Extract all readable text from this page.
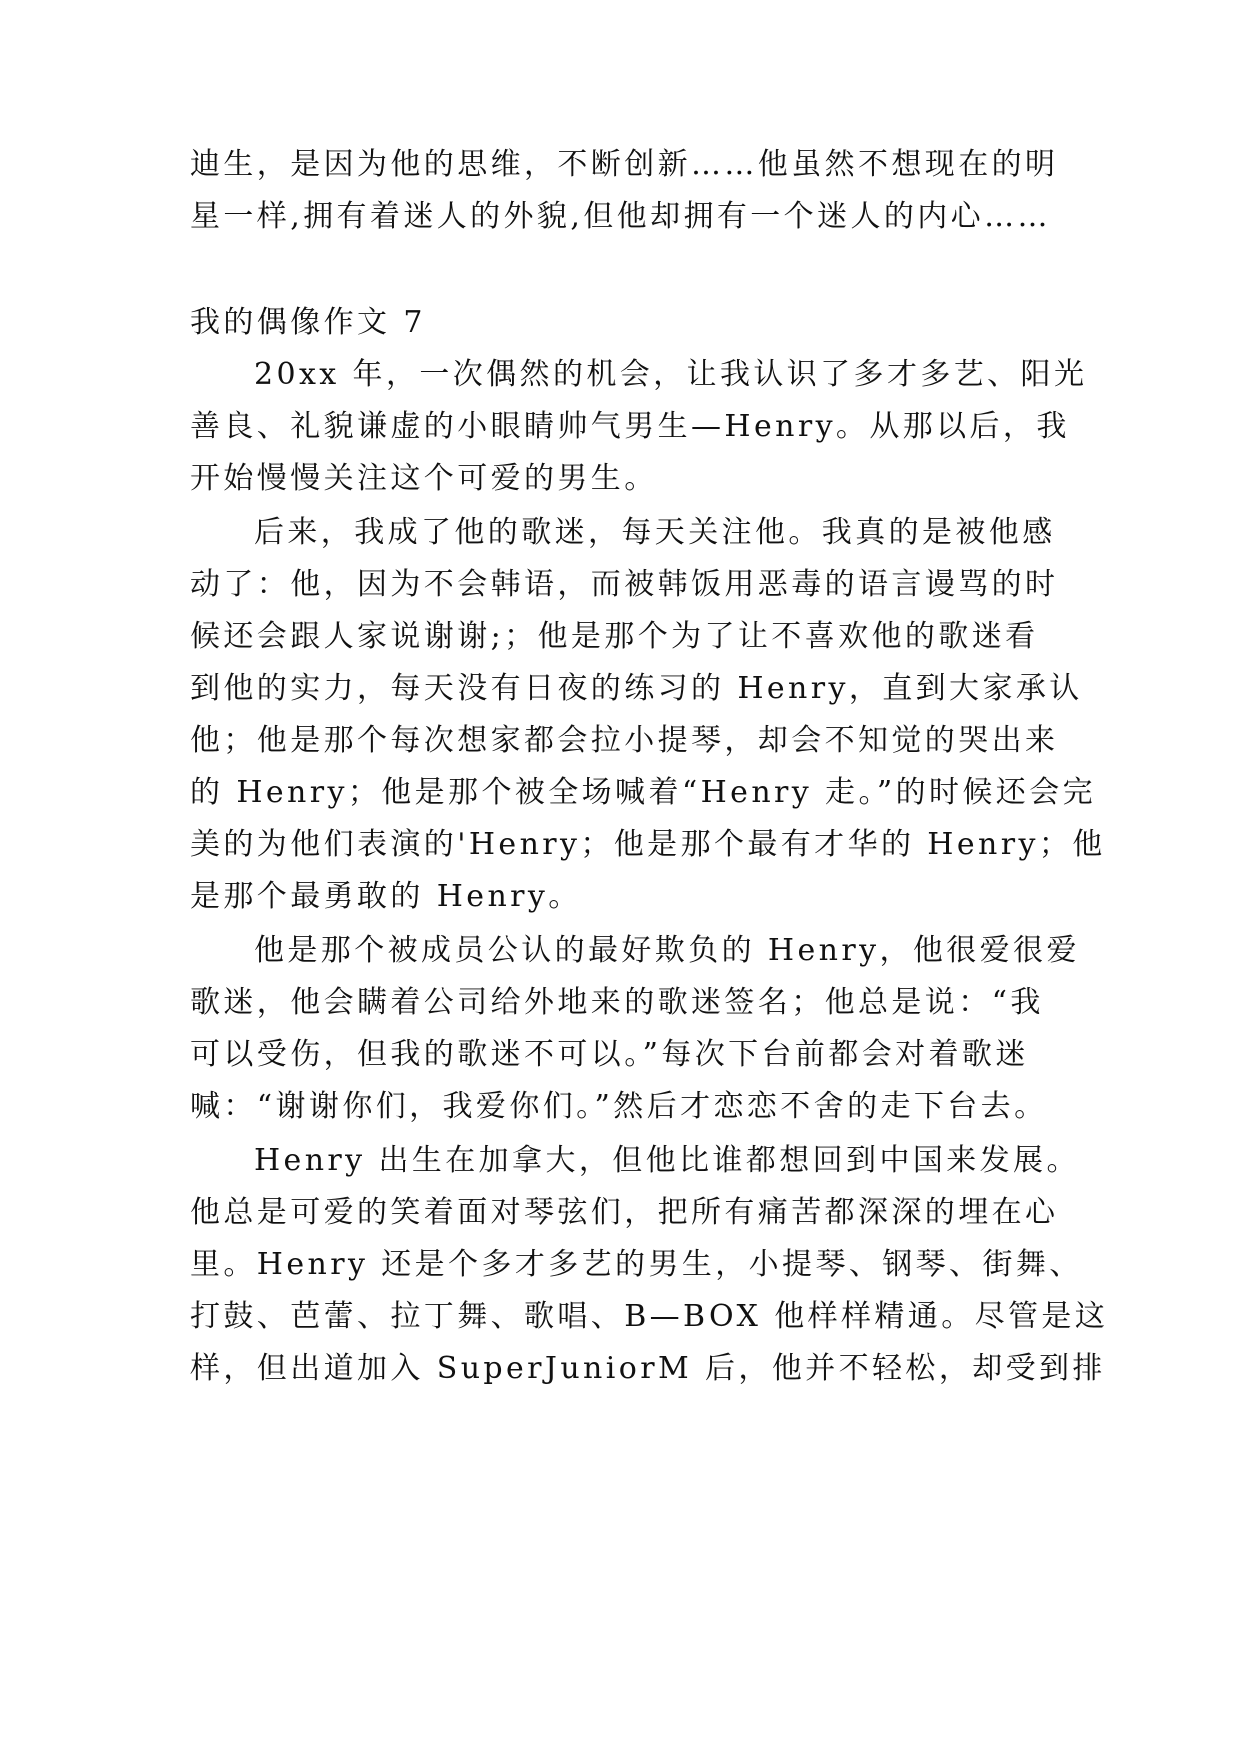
迪生，是因为他的思维，不断创新……他虽然不想现在的明
星一样,拥有着迷人的外貌,但他却拥有一个迷人的内心……
我的偶像作文 7
20xx 年，一次偶然的机会，让我认识了多才多艺、阳光
善良、礼貌谦虚的小眼睛帅气男生—Henry。从那以后，我
开始慢慢关注这个可爱的男生。
后来，我成了他的歌迷，每天关注他。我真的是被他感
动了：他，因为不会韩语，而被韩饭用恶毒的语言谩骂的时
候还会跟人家说谢谢;；他是那个为了让不喜欢他的歌迷看
到他的实力，每天没有日夜的练习的 Henry，直到大家承认
他；他是那个每次想家都会拉小提琴，却会不知觉的哭出来
的 Henry；他是那个被全场喊着“Henry 走。”的时候还会完
美的为他们表演的'Henry；他是那个最有才华的 Henry；他
是那个最勇敢的 Henry。
他是那个被成员公认的最好欺负的 Henry，他很爱很爱
歌迷，他会瞒着公司给外地来的歌迷签名；他总是说：“我
可以受伤，但我的歌迷不可以。”每次下台前都会对着歌迷
喊：“谢谢你们，我爱你们。”然后才恋恋不舍的走下台去。
Henry 出生在加拿大，但他比谁都想回到中国来发展。
他总是可爱的笑着面对琴弦们，把所有痛苦都深深的埋在心
里。Henry 还是个多才多艺的男生，小提琴、钢琴、街舞、
打鼓、芭蕾、拉丁舞、歌唱、B—BOX 他样样精通。尽管是这
样，但出道加入 SuperJuniorM 后，他并不轻松，却受到排
